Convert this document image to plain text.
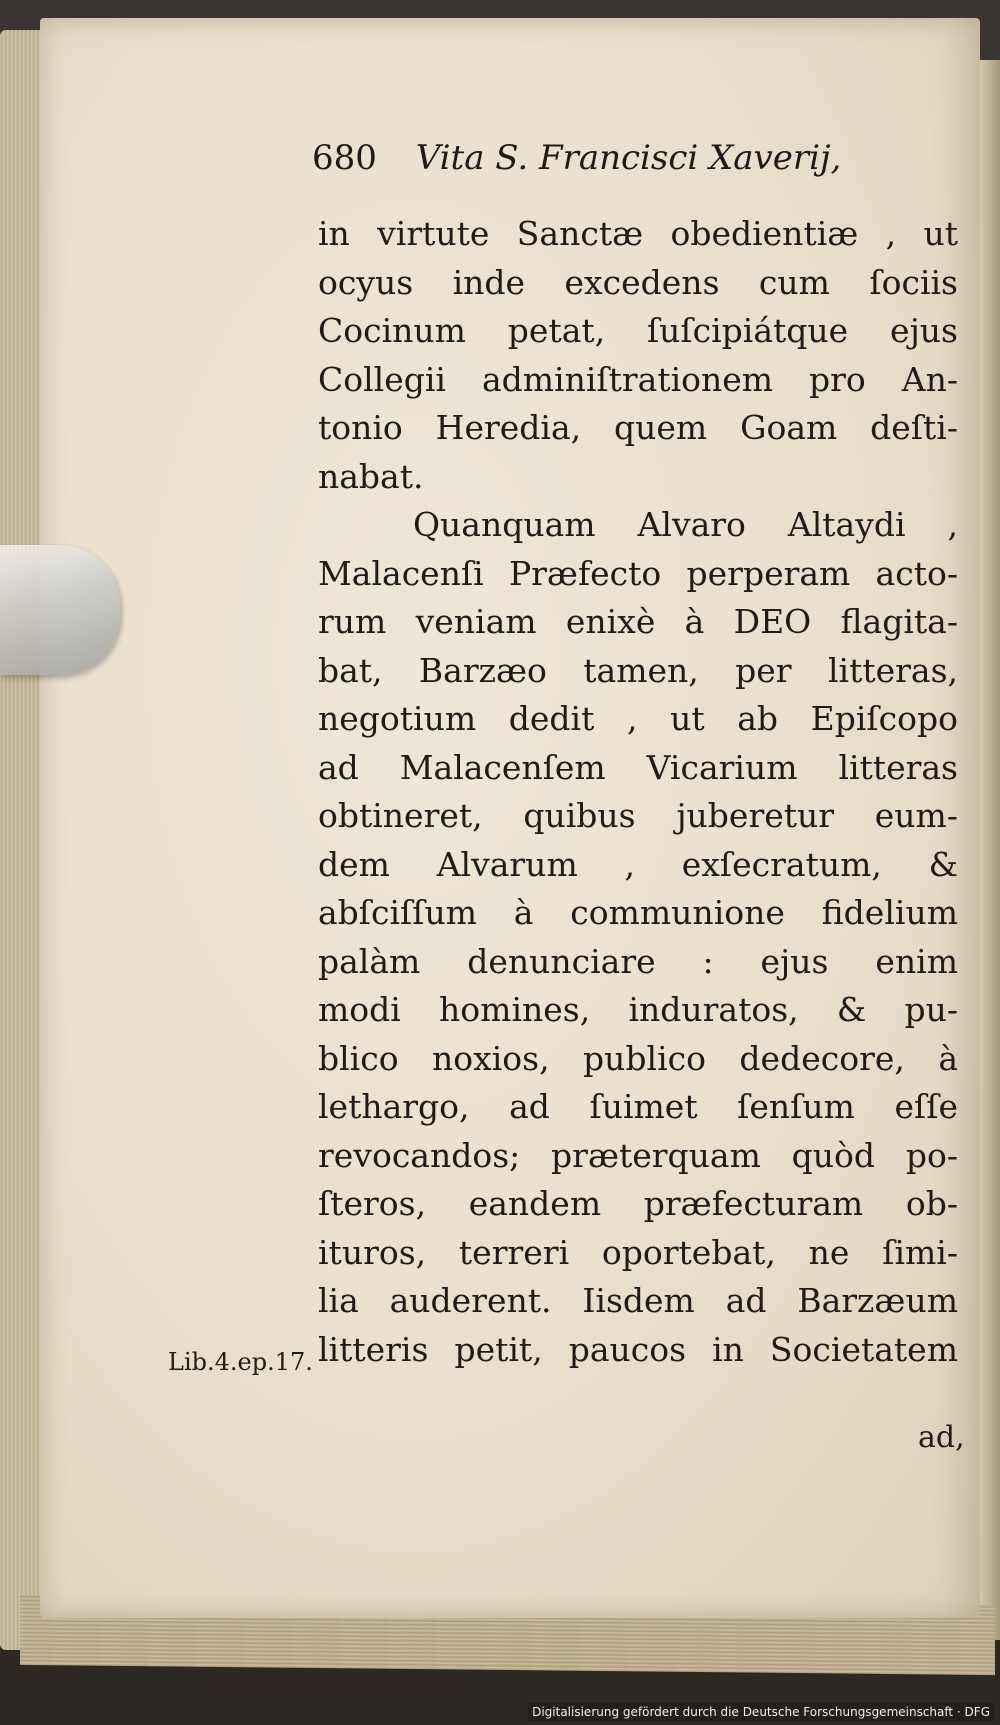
680 Vita S. Francisci Xaverij,
in virtute Sanctæ obedientiæ , ut
ocyus inde excedens cum ſociis
Cocinum petat, ſuſcipiátque ejus
Collegii adminiſtrationem pro An-
tonio Heredia, quem Goam deſti-
nabat.
Quanquam Alvaro Altaydi ,
Malacenſi Præfecto perperam acto-
rum veniam enixè à DEO flagita-
bat, Barzæo tamen, per litteras,
negotium dedit , ut ab Epiſcopo
ad Malacenſem Vicarium litteras
obtineret, quibus juberetur eum-
dem Alvarum , exſecratum, &
abſciſſum à communione fidelium
palàm denunciare : ejus enim
modi homines, induratos, & pu-
blico noxios, publico dedecore, à
lethargo, ad ſuimet ſenſum eſſe
revocandos; præterquam quòd po-
ſteros, eandem præfecturam ob-
ituros, terreri oportebat, ne ſimi-
lia auderent. Iisdem ad Barzæum
litteris petit, paucos in Societatem
Lib.4.ep.17.
ad,
Digitalisierung gefördert durch die Deutsche Forschungsgemeinschaft · DFG
